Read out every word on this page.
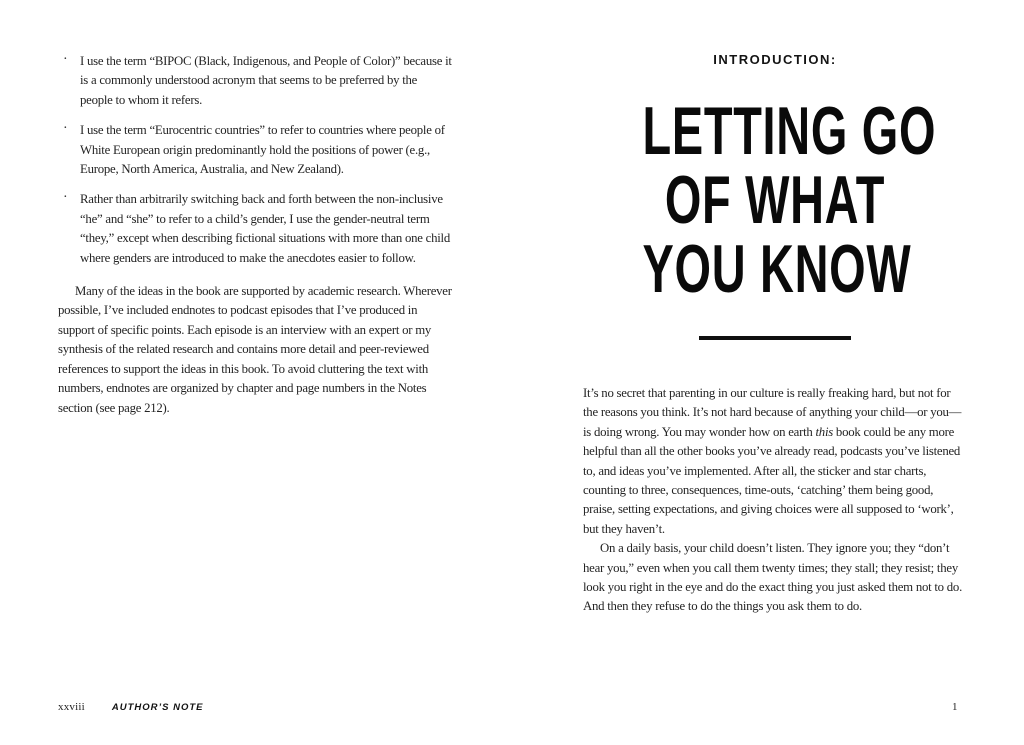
· I use the term “BIPOC (Black, Indigenous, and People of Color)” because it is a commonly understood acronym that seems to be preferred by the people to whom it refers.
· I use the term “Eurocentric countries” to refer to countries where people of White European origin predominantly hold the positions of power (e.g., Europe, North America, Australia, and New Zealand).
· Rather than arbitrarily switching back and forth between the non-inclusive “he” and “she” to refer to a child’s gender, I use the gender-neutral term “they,” except when describing fictional situations with more than one child where genders are introduced to make the anecdotes easier to follow.

Many of the ideas in the book are supported by academic research. Wherever possible, I’ve included endnotes to podcast episodes that I’ve produced in support of specific points. Each episode is an interview with an expert or my synthesis of the related research and contains more detail and peer-reviewed references to support the ideas in this book. To avoid cluttering the text with numbers, endnotes are organized by chapter and page numbers in the Notes section (see page 212).

INTRODUCTION:
LETTING GO
OF WHAT
YOU KNOW

It’s no secret that parenting in our culture is really freaking hard, but not for the reasons you think. It’s not hard because of anything your child—or you—is doing wrong. You may wonder how on earth this book could be any more helpful than all the other books you’ve already read, podcasts you’ve listened to, and ideas you’ve implemented. After all, the sticker and star charts, counting to three, consequences, time-outs, ‘catching’ them being good, praise, setting expectations, and giving choices were all supposed to ‘work’, but they haven’t.

On a daily basis, your child doesn’t listen. They ignore you; they “don’t hear you,” even when you call them twenty times; they stall; they resist; they look you right in the eye and do the exact thing you just asked them not to do. And then they refuse to do the things you ask them to do.

xxviii	AUTHOR’S NOTE	1
